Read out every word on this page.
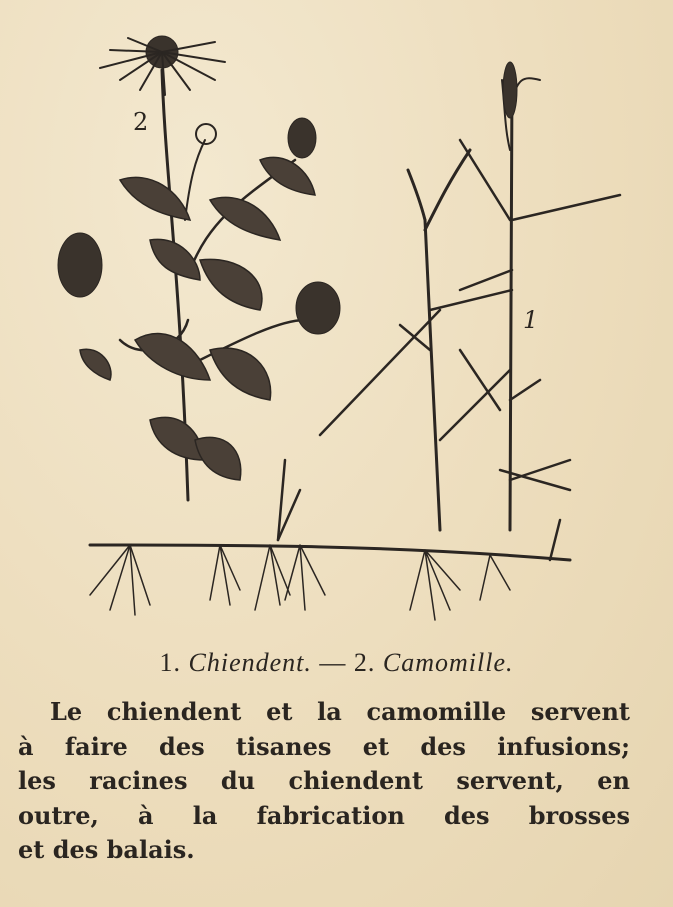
2
1
1. Chiendent. — 2. Camomille.
Le chiendent et la camomille servent
à faire des tisanes et des infusions;
les racines du chiendent servent, en
outre, à la fabrication des brosses
et des balais.
